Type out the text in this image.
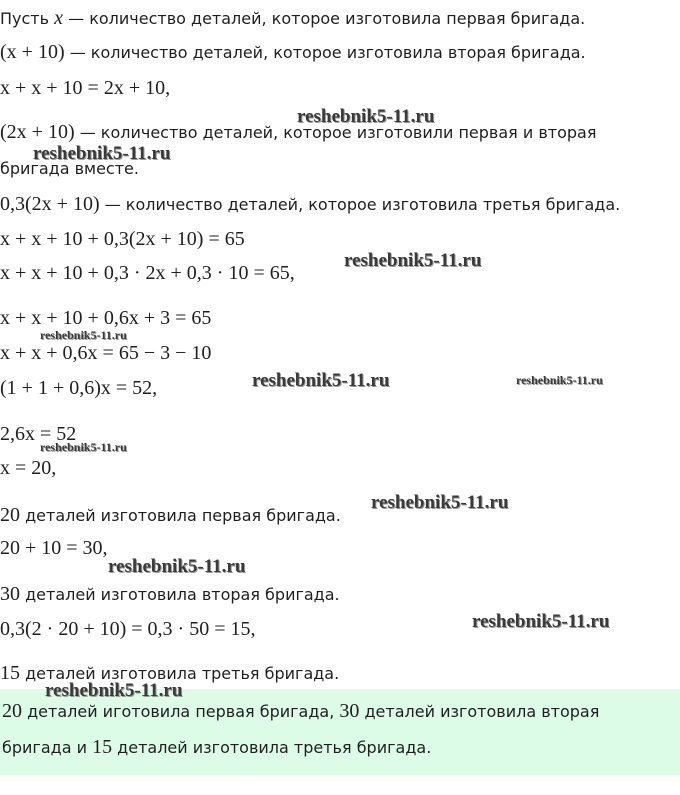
Пусть x — количество деталей, которое изготовила первая бригада.
(x + 10) — количество деталей, которое изготовила вторая бригада.
x + x + 10 = 2x + 10,
(2x + 10) — количество деталей, которое изготовили первая и вторая
бригада вместе.
0,3(2x + 10) — количество деталей, которое изготовила третья бригада.
x + x + 10 + 0,3(2x + 10) = 65
x + x + 10 + 0,3 · 2x + 0,3 · 10 = 65,
x + x + 10 + 0,6x + 3 = 65
x + x + 0,6x = 65 − 3 − 10
(1 + 1 + 0,6)x = 52,
2,6x = 52
x = 20,
20 деталей изготовила первая бригада.
20 + 10 = 30,
30 деталей изготовила вторая бригада.
0,3(2 · 20 + 10) = 0,3 · 50 = 15,
15 деталей изготовила третья бригада.
20 деталей иготовила первая бригада, 30 деталей изготовила вторая
бригада и 15 деталей изготовила третья бригада.
reshebnik5-11.ru
reshebnik5-11.ru
reshebnik5-11.ru
reshebnik5-11.ru
reshebnik5-11.ru	reshebnik5-11.ru
reshebnik5-11.ru
reshebnik5-11.ru
reshebnik5-11.ru
reshebnik5-11.ru
reshebnik5-11.ru
